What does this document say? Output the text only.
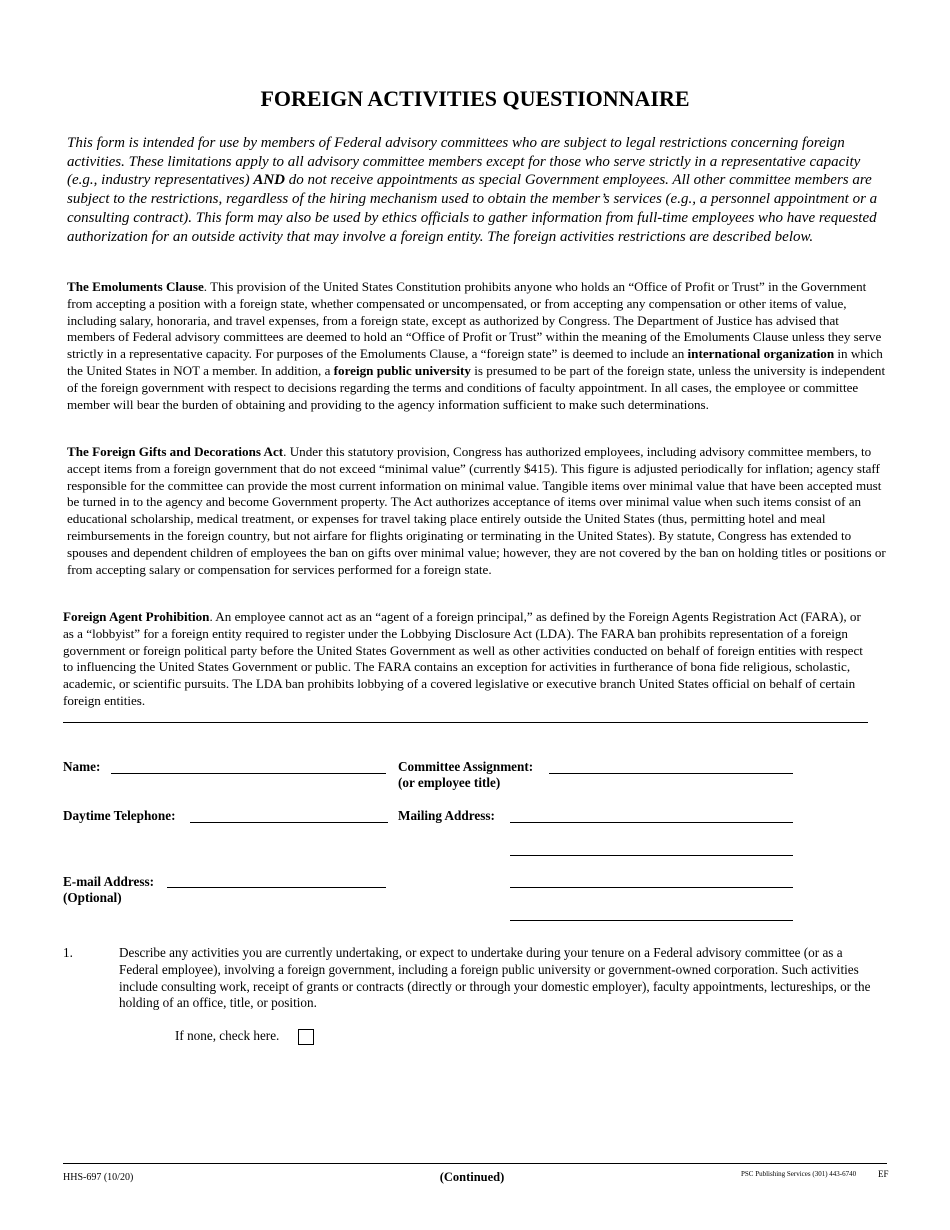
FOREIGN ACTIVITIES QUESTIONNAIRE

This form is intended for use by members of Federal advisory committees who are subject to legal restrictions concerning foreign activities. These limitations apply to all advisory committee members except for those who serve strictly in a representative capacity (e.g., industry representatives) AND do not receive appointments as special Government employees. All other committee members are subject to the restrictions, regardless of the hiring mechanism used to obtain the member’s services (e.g., a personnel appointment or a consulting contract). This form may also be used by ethics officials to gather information from full-time employees who have requested authorization for an outside activity that may involve a foreign entity. The foreign activities restrictions are described below.

The Emoluments Clause. This provision of the United States Constitution prohibits anyone who holds an “Office of Profit or Trust” in the Government from accepting a position with a foreign state, whether compensated or uncompensated, or from accepting any compensation or other items of value, including salary, honoraria, and travel expenses, from a foreign state, except as authorized by Congress. The Department of Justice has advised that members of Federal advisory committees are deemed to hold an “Office of Profit or Trust” within the meaning of the Emoluments Clause unless they serve strictly in a representative capacity. For purposes of the Emoluments Clause, a “foreign state” is deemed to include an international organization in which the United States in NOT a member. In addition, a foreign public university is presumed to be part of the foreign state, unless the university is independent of the foreign government with respect to decisions regarding the terms and conditions of faculty appointment. In all cases, the employee or committee member will bear the burden of obtaining and providing to the agency information sufficient to make such determinations.

The Foreign Gifts and Decorations Act. Under this statutory provision, Congress has authorized employees, including advisory committee members, to accept items from a foreign government that do not exceed “minimal value” (currently $415). This figure is adjusted periodically for inflation; agency staff responsible for the committee can provide the most current information on minimal value. Tangible items over minimal value that have been accepted must be turned in to the agency and become Government property. The Act authorizes acceptance of items over minimal value when such items consist of an educational scholarship, medical treatment, or expenses for travel taking place entirely outside the United States (thus, permitting hotel and meal reimbursements in the foreign country, but not airfare for flights originating or terminating in the United States). By statute, Congress has extended to spouses and dependent children of employees the ban on gifts over minimal value; however, they are not covered by the ban on holding titles or positions or from accepting salary or compensation for services performed for a foreign state.

Foreign Agent Prohibition. An employee cannot act as an “agent of a foreign principal,” as defined by the Foreign Agents Registration Act (FARA), or as a “lobbyist” for a foreign entity required to register under the Lobbying Disclosure Act (LDA). The FARA ban prohibits representation of a foreign government or foreign political party before the United States Government as well as other activities conducted on behalf of foreign entities with respect to influencing the United States Government or public. The FARA contains an exception for activities in furtherance of bona fide religious, scholastic, academic, or scientific pursuits. The LDA ban prohibits lobbying of a covered legislative or executive branch United States official on behalf of certain foreign entities.

Name:	Committee Assignment:
(or employee title)
Daytime Telephone:	Mailing Address:
E-mail Address:
(Optional)
1.	Describe any activities you are currently undertaking, or expect to undertake during your tenure on a Federal advisory committee (or as a Federal employee), involving a foreign government, including a foreign public university or government-owned corporation. Such activities include consulting work, receipt of grants or contracts (directly or through your domestic employer), faculty appointments, lectureships, or the holding of an office, title, or position.

If none, check here.
HHS-697 (10/20)	(Continued)	PSC Publishing Services (301) 443-6740 EF
